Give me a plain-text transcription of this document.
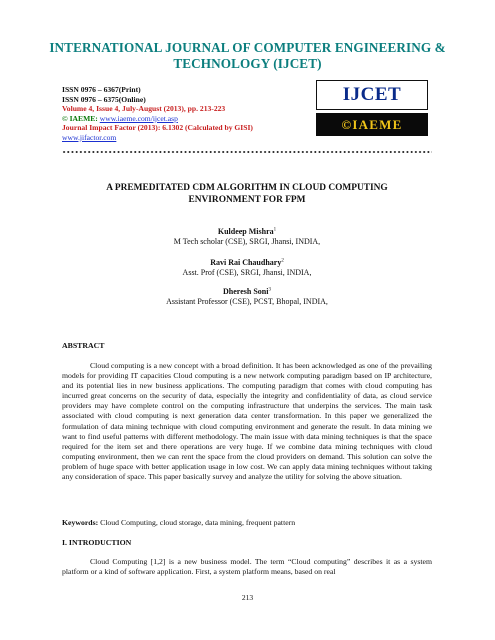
INTERNATIONAL JOURNAL OF COMPUTER ENGINEERING &
TECHNOLOGY (IJCET)
ISSN 0976 – 6367(Print)
ISSN 0976 – 6375(Online)
Volume 4, Issue 4, July-August (2013), pp. 213-223
© IAEME: www.iaeme.com/ijcet.asp
Journal Impact Factor (2013): 6.1302 (Calculated by GISI)
www.jifactor.com
IJCET
©IAEME
A PREMEDITATED CDM ALGORITHM IN CLOUD COMPUTING
ENVIRONMENT FOR FPM
Kuldeep Mishra$^1$
M Tech scholar (CSE), SRGI, Jhansi, INDIA,
Ravi Rai Chaudhary$^2$
Asst. Prof (CSE), SRGI, Jhansi, INDIA,
Dheresh Soni$^3$
Assistant Professor (CSE), PCST, Bhopal, INDIA,
ABSTRACT

Cloud computing is a new concept with a broad definition. It has been acknowledged as one of the prevailing models for providing IT capacities Cloud computing is a new network computing paradigm based on IP architecture, and its potential lies in new business applications. The computing paradigm that comes with cloud computing has incurred great concerns on the security of data, especially the integrity and confidentiality of data, as cloud service providers may have complete control on the computing infrastructure that underpins the services. The main task associated with cloud computing is next generation data center transformation. In this paper we generalized the formulation of data mining technique with cloud computing environment and generate the result. In data mining we want to find useful patterns with different methodology. The main issue with data mining techniques is that the space required for the item set and there operations are very huge. If we combine data mining techniques with cloud computing environment, then we can rent the space from the cloud providers on demand. This solution can solve the problem of huge space with better application usage in low cost. We can apply data mining techniques without taking any consideration of space. This paper basically survey and analyze the utility for solving the above situation.

Keywords: Cloud Computing, cloud storage, data mining, frequent pattern
I. INTRODUCTION

Cloud Computing [1,2] is a new business model. The term “Cloud computing” describes it as a system platform or a kind of software application. First, a system platform means, based on real

213
